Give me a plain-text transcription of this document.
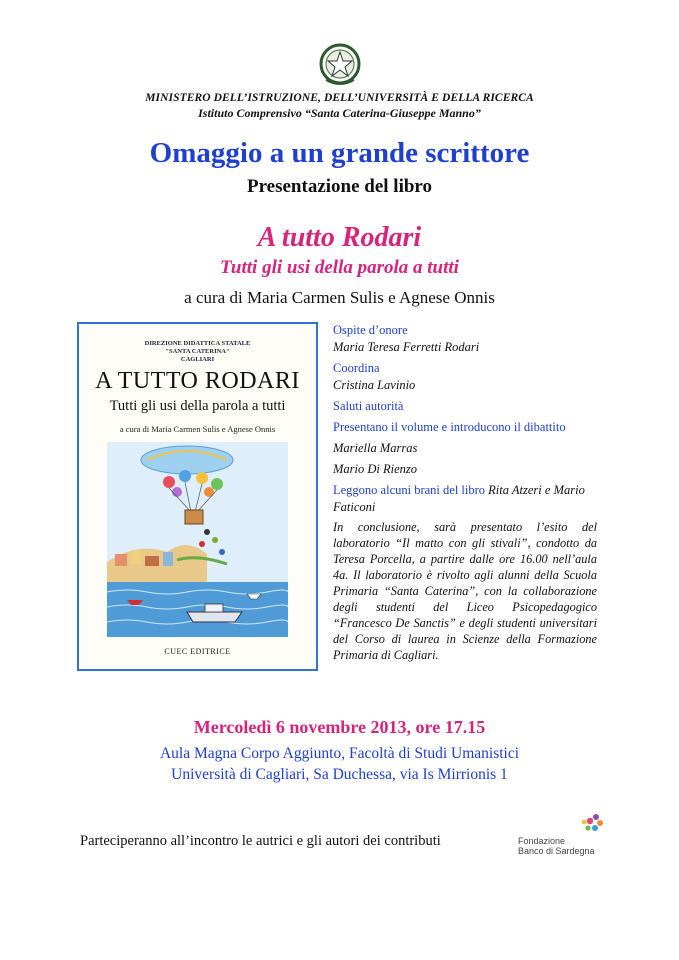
MINISTERO DELL’ISTRUZIONE, DELL’UNIVERSITÀ E DELLA RICERCA
Istituto Comprensivo “Santa Caterina-Giuseppe Manno”
Omaggio a un grande scrittore
Presentazione del libro
A tutto Rodari
Tutti gli usi della parola a tutti
a cura di Maria Carmen Sulis e Agnese Onnis
DIREZIONE DIDATTICA STATALE
"SANTA CATERINA"
CAGLIARI
A TUTTO RODARI
Tutti gli usi della parola a tutti
a cura di Maria Carmen Sulis e Agnese Onnis
CUEC EDITRICE
Ospite d’onore
Maria Teresa Ferretti Rodari
Coordina
Cristina Lavinio
Saluti autorità
Presentano il volume e introducono il dibattito
Mariella Marras
Mario Di Rienzo
Leggono alcuni brani del libro Rita Atzeri e Mario Faticoni
In conclusione, sarà presentato l’esito del laboratorio “Il matto con gli stivali”, condotto da Teresa Porcella, a partire dalle ore 16.00 nell’aula 4a. Il laboratorio è rivolto agli alunni della Scuola Primaria “Santa Caterina”, con la collaborazione degli studenti del Liceo Psicopedagogico “Francesco De Sanctis” e degli studenti universitari del Corso di laurea in Scienze della Formazione Primaria di Cagliari.
Mercoledì 6 novembre 2013, ore 17.15
Aula Magna Corpo Aggiunto, Facoltà di Studi Umanistici
Università di Cagliari, Sa Duchessa, via Is Mirrionis 1
Parteciperanno all’incontro le autrici e gli autori dei contributi	Fondazione
Banco di Sardegna
